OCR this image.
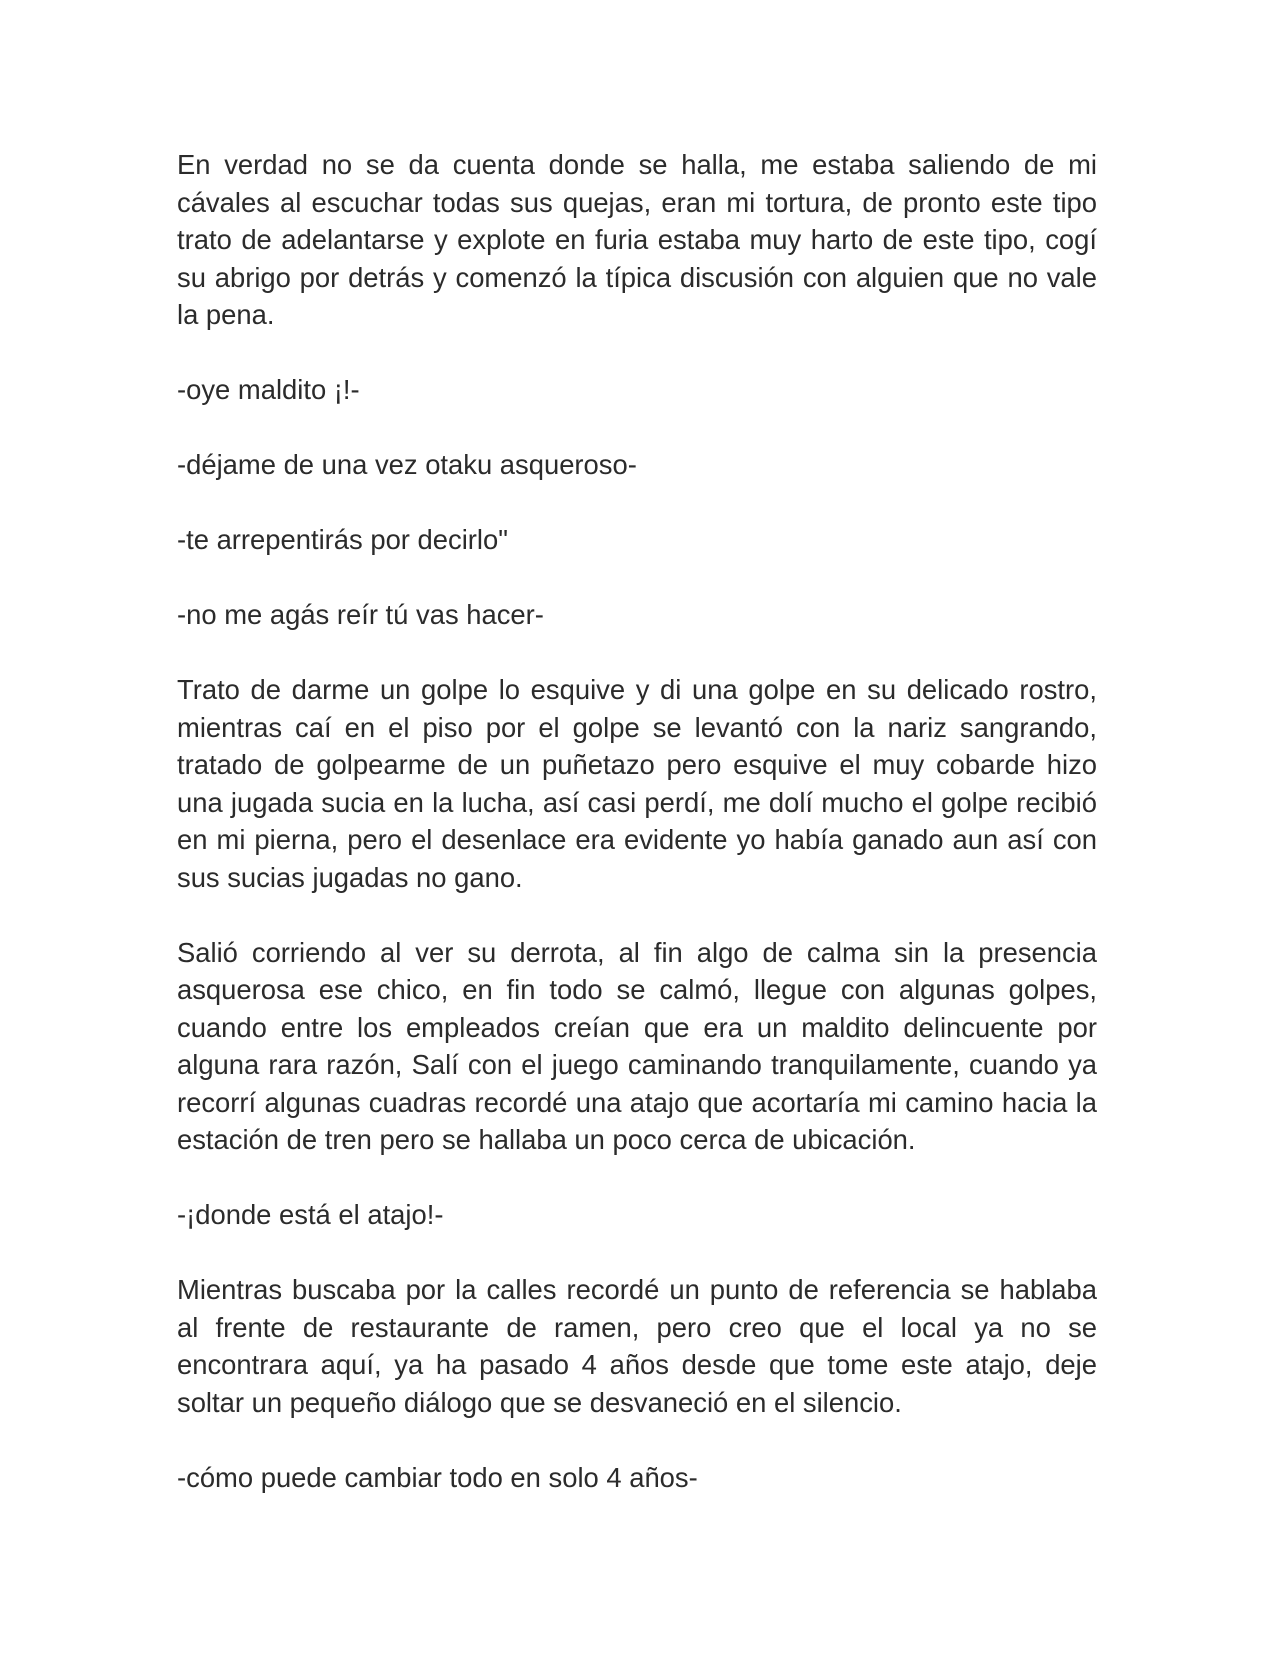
En verdad no se da cuenta donde se halla, me estaba saliendo de mi cávales al escuchar todas sus quejas, eran mi tortura, de pronto este tipo trato de adelantarse y explote en furia estaba muy harto de este tipo, cogí su abrigo por detrás y comenzó la típica discusión con alguien que no vale la pena.

-oye maldito ¡!-

-déjame de una vez otaku asqueroso-

-te arrepentirás por decirlo"

-no me agás reír tú vas hacer-

Trato de darme un golpe lo esquive y di una golpe en su delicado rostro, mientras caí en el piso por el golpe se levantó con la nariz sangrando, tratado de golpearme de un puñetazo pero esquive el muy cobarde hizo una jugada sucia en la lucha, así casi perdí, me dolí mucho el golpe recibió en mi pierna, pero el desenlace era evidente yo había ganado aun así con sus sucias jugadas no gano.

Salió corriendo al ver su derrota, al fin algo de calma sin la presencia asquerosa ese chico, en fin todo se calmó, llegue con algunas golpes, cuando entre los empleados creían que era un maldito delincuente por alguna rara razón, Salí con el juego caminando tranquilamente, cuando ya recorrí algunas cuadras recordé una atajo que acortaría mi camino hacia la estación de tren pero se hallaba un poco cerca de ubicación.

-¡donde está el atajo!-

Mientras buscaba por la calles recordé un punto de referencia se hablaba al frente de restaurante de ramen, pero creo que el local ya no se encontrara aquí, ya ha pasado 4 años desde que tome este atajo, deje soltar un pequeño diálogo que se desvaneció en el silencio.

-cómo puede cambiar todo en solo 4 años-
